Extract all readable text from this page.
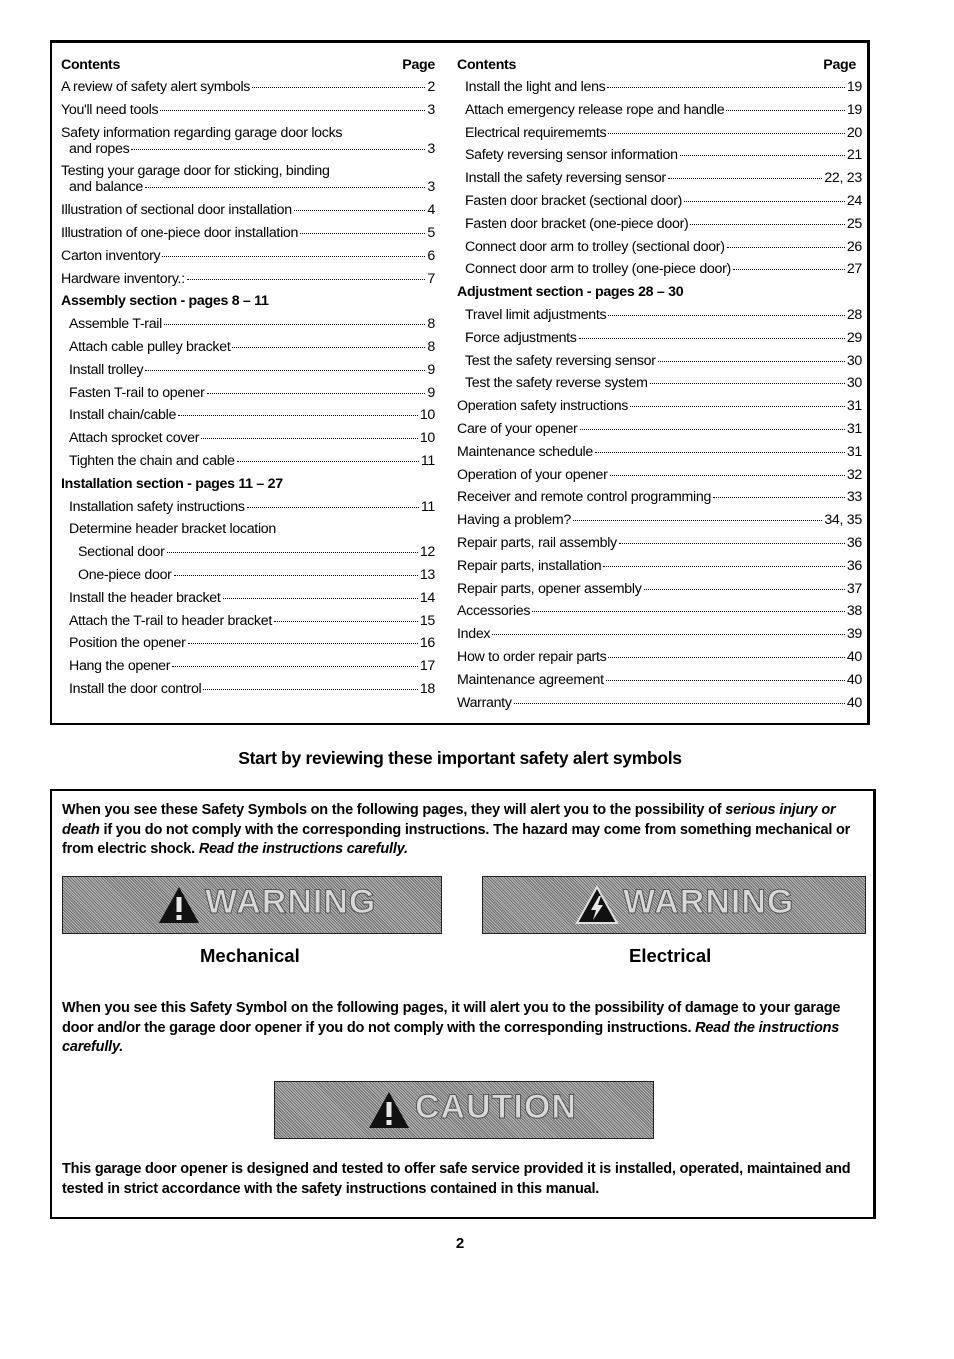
Contents	Page
A review of safety alert symbols	2
You'll need tools	3
Safety information regarding garage door locks
and ropes	3
Testing your garage door for sticking, binding
and balance	3
Illustration of sectional door installation	4
Illustration of one-piece door installation	5
Carton inventory	6
Hardware inventory.:	7
Assembly section - pages 8 – 11
Assemble T-rail	8
Attach cable pulley bracket	8
Install trolley	9
Fasten T-rail to opener	9
Install chain/cable	10
Attach sprocket cover	10
Tighten the chain and cable	11
Installation section - pages 11 – 27
Installation safety instructions	11
Determine header bracket location
Sectional door	12
One-piece door	13
Install the header bracket	14
Attach the T-rail to header bracket	15
Position the opener	16
Hang the opener	17
Install the door control	18
Contents	Page
Install the light and lens	19
Attach emergency release rope and handle	19
Electrical requirememts	20
Safety reversing sensor information	21
Install the safety reversing sensor	22, 23
Fasten door bracket (sectional door)	24
Fasten door bracket (one-piece door)	25
Connect door arm to trolley (sectional door)	26
Connect door arm to trolley (one-piece door)	27
Adjustment section - pages 28 – 30
Travel limit adjustments	28
Force adjustments	29
Test the safety reversing sensor	30
Test the safety reverse system	30
Operation safety instructions	31
Care of your opener	31
Maintenance schedule	31
Operation of your opener	32
Receiver and remote control programming	33
Having a problem?	34, 35
Repair parts, rail assembly	36
Repair parts, installation	36
Repair parts, opener assembly	37
Accessories	38
Index	39
How to order repair parts	40
Maintenance agreement	40
Warranty	40
Start by reviewing these important safety alert symbols
When you see these Safety Symbols on the following pages, they will alert you to the possibility of serious injury or death if you do not comply with the corresponding instructions. The hazard may come from something mechanical or from electric shock. Read the instructions carefully.
WARNING	WARNING
Mechanical	Electrical
When you see this Safety Symbol on the following pages, it will alert you to the possibility of damage to your garage door and/or the garage door opener if you do not comply with the corresponding instructions. Read the instructions carefully.
CAUTION
This garage door opener is designed and tested to offer safe service provided it is installed, operated, maintained and tested in strict accordance with the safety instructions contained in this manual.
2
